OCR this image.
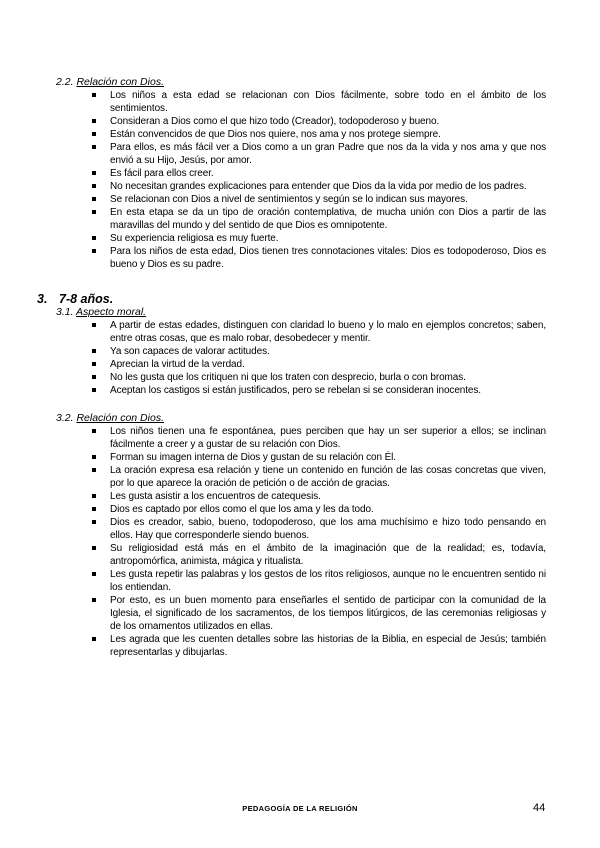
2.2. Relación con Dios.
Los niños a esta edad se relacionan con Dios fácilmente, sobre todo en el ámbito de los sentimientos.
Consideran a Dios como el que hizo todo (Creador), todopoderoso y bueno.
Están convencidos de que Dios nos quiere, nos ama y nos protege siempre.
Para ellos, es más fácil ver a Dios como a un gran Padre que nos da la vida y nos ama y que nos envió a su Hijo, Jesús, por amor.
Es fácil para ellos creer.
No necesitan grandes explicaciones para entender que Dios da la vida por medio de los padres.
Se relacionan con Dios a nivel de sentimientos y según se lo indican sus mayores.
En esta etapa se da un tipo de oración contemplativa, de mucha unión con Dios a partir de las maravillas del mundo y del sentido de que Dios es omnipotente.
Su experiencia religiosa es muy fuerte.
Para los niños de esta edad, Dios tienen tres connotaciones vitales: Dios es todopoderoso, Dios es bueno y Dios es su padre.
3. 7-8 años.
3.1. Aspecto moral.
A partir de estas edades, distinguen con claridad lo bueno y lo malo en ejemplos concretos; saben, entre otras cosas, que es malo robar, desobedecer y mentir.
Ya son capaces de valorar actitudes.
Aprecian la virtud de la verdad.
No les gusta que los critiquen ni que los traten con desprecio, burla o con bromas.
Aceptan los castigos si están justificados, pero se rebelan si se consideran inocentes.
3.2. Relación con Dios.
Los niños tienen una fe espontánea, pues perciben que hay un ser superior a ellos; se inclinan fácilmente a creer y a gustar de su relación con Dios.
Forman su imagen interna de Dios y gustan de su relación con Él.
La oración expresa esa relación y tiene un contenido en función de las cosas concretas que viven, por lo que aparece la oración de petición o de acción de gracias.
Les gusta asistir a los encuentros de catequesis.
Dios es captado por ellos como el que los ama y les da todo.
Dios es creador, sabio, bueno, todopoderoso, que los ama muchísimo e hizo todo pensando en ellos. Hay que corresponderle siendo buenos.
Su religiosidad está más en el ámbito de la imaginación que de la realidad; es, todavía, antropomórfica, animista, mágica y ritualista.
Les gusta repetir las palabras y los gestos de los ritos religiosos, aunque no le encuentren sentido ni los entiendan.
Por esto, es un buen momento para enseñarles el sentido de participar con la comunidad de la Iglesia, el significado de los sacramentos, de los tiempos litúrgicos, de las ceremonias religiosas y de los ornamentos utilizados en ellas.
Les agrada que les cuenten detalles sobre las historias de la Biblia, en especial de Jesús; también representarlas y dibujarlas.
PEDAGOGÍA DE LA RELIGIÓN	44
